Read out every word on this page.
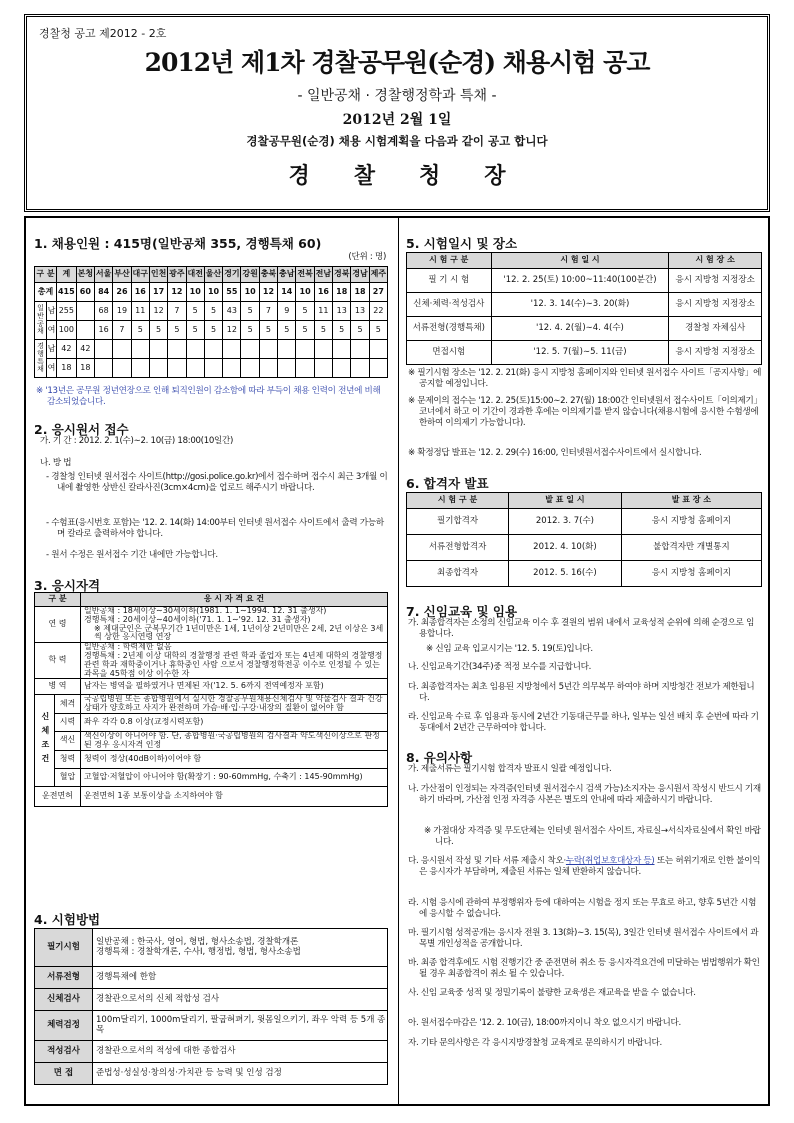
경찰청 공고 제2012 - 2호
2012년 제1차 경찰공무원(순경) 채용시험 공고
- 일반공채 · 경찰행정학과 특채 -
2012년 2월 1일
경찰공무원(순경) 채용 시험계획을 다음과 같이 공고 합니다
경찰청장
1. 채용인원 : 415명(일반공채 355, 경행특채 60)
(단위 : 명)
구 분		계	본청	서울	부산	대구	인천	광주	대전	울산	경기	강원	충북	충남	전북	전남	경북	경남	제주
총계		415	60	84	26	16	17	12	10	10	55	10	12	14	10	16	18	18	27
일반공채	남	255		68	19	11	12	7	5	5	43	5	7	9	5	11	13	13	22
	여	100		16	7	5	5	5	5	5	12	5	5	5	5	5	5	5	5
경행특채	남	42	42																
	여	18	18																
※ '13년은 공무원 정년연장으로 인해 퇴직인원이 감소함에 따라 부득이 채용 인력이 전년에 비해 감소되었습니다.
2. 응시원서 접수
가. 기 간 : 2012. 2. 1(수)∼2. 10(금) 18:00(10일간)
나. 방 법
- 경찰청 인터넷 원서접수 사이트(http://gosi.police.go.kr)에서 접수하며 접수시 최근 3개월 이내에 촬영한 상반신 칼라사진(3cm×4cm)을 업로드 해주시기 바랍니다.
- 수험표(응시번호 포함)는 '12. 2. 14(화) 14:00부터 인터넷 원서접수 사이트에서 출력 가능하며 칼라로 출력하셔야 합니다.
- 원서 수정은 원서접수 기간 내에만 가능합니다.
3. 응시자격
구 분		응 시 자 격 요 건
연 령		일반공채 : 18세이상∼30세이하(1981. 1. 1∼1994. 12. 31 출생자)
경행특채 : 20세이상∼40세이하('71. 1. 1∼'92. 12. 31 출생자)
※ 제대군인은 군복무기간 1년미만은 1세, 1년이상 2년미만은 2세, 2년 이상은 3세씩 상한 응시연령 연장

학 력		일반공채 : 학력제한 없음
경행특채 : 2년제 이상 대학의 경찰행정 관련 학과 졸업자 또는 4년제 대학의 경찰행정관련 학과 재학중이거나 휴학중인 사람 으로서 경찰행정학전공 이수로 인정될 수 있는 과목을 45학점 이상 이수한 자

병 역		남자는 병역을 필하였거나 면제된 자('12. 5. 6까지 전역예정자 포함)
신체조건	체격	국공립병원 또는 종합병원에서 실시한 경찰공무원채용신체검사 및 약물검사 결과 건강상태가 양호하고 사지가 완전하며 가슴·배·입·구강·내장의 질환이 없어야 함
	시력	좌우 각각 0.8 이상(교정시력포함)
	색신	색신이상이 아니어야 함. 단, 종합병원·국공립병원의 검사결과 약도색신이상으로 판정된 경우 응시자격 인정
	청력	청력이 정상(40dB이하)이어야 함
	혈압	고혈압·저혈압이 아니어야 함(확장기 : 90-60mmHg, 수축기 : 145-90mmHg)
운전면허		운전면허 1종 보통이상을 소지하여야 함
4. 시험방법
필기시험	일반공채 : 한국사, 영어, 형법, 형사소송법, 경찰학개론
경행특채 : 경찰학개론, 수사Ⅰ, 행정법, 형법, 형사소송법

서류전형	경행특채에 한함

신체검사	경찰관으로서의 신체 적합성 검사

체력검정	100m달리기, 1000m달리기, 팔굽혀펴기, 윗몸일으키기, 좌우 악력 등 5개 종목

적성검사	경찰관으로서의 적성에 대한 종합검사

면 접	준법성·성실성·창의성·가치관 등 능력 및 인성 검정
5. 시험일시 및 장소
시 험 구 분	시 험 일 시	시 험 장 소
필 기 시 험	'12. 2. 25(토) 10:00~11:40(100분간)	응시 지방청 지정장소
신체·체력·적성검사	'12. 3. 14(수)∼3. 20(화)	응시 지방청 지정장소
서류전형(경행특채)	'12. 4. 2(월)∼4. 4(수)	경찰청 자체심사
면접시험	'12. 5. 7(월)∼5. 11(금)	응시 지방청 지정장소
※ 필기시험 장소는 '12. 2. 21(화) 응시 지방청 홈페이지와 인터넷 원서접수 사이트「공지사항」에 공지할 예정입니다.
※ 문제이의 접수는 '12. 2. 25(토)15:00∼2. 27(월) 18:00간 인터넷원서 접수사이트「이의제기」코너에서 하고 이 기간이 경과한 후에는 이의제기를 받지 않습니다(채용시험에 응시한 수험생에 한하여 이의제기 가능합니다).
※ 확정정답 발표는 '12. 2. 29(수) 16:00, 인터넷원서접수사이트에서 실시합니다.
6. 합격자 발표
시 험 구 분	발 표 일 시	발 표 장 소
필기합격자	2012. 3. 7(수)	응시 지방청 홈페이지
서류전형합격자	2012. 4. 10(화)	불합격자만 개별통지
최종합격자	2012. 5. 16(수)	응시 지방청 홈페이지
7. 신임교육 및 임용
가. 최종합격자는 소정의 신임교육 이수 후 결원의 범위 내에서 교육성적 순위에 의해 순경으로 임용합니다.
※ 신임 교육 입교시기는 '12. 5. 19(토)입니다.
나. 신임교육기간(34주)중 적정 보수를 지급합니다.
다. 최종합격자는 최초 임용된 지방청에서 5년간 의무복무 하여야 하며 지방청간 전보가 제한됩니다.
라. 신임교육 수료 후 임용과 동시에 2년간 기동대근무를 하나, 일부는 일선 배치 후 순번에 따라 기동대에서 2년간 근무하여야 합니다.
8. 유의사항
가. 제출서류는 필기시험 합격자 발표시 일괄 예정입니다.
나. 가산점이 인정되는 자격증(인터넷 원서접수시 검색 가능)소지자는 응시원서 작성시 반드시 기재하기 바라며, 가산점 인정 자격증 사본은 별도의 안내에 따라 제출하시기 바랍니다.
※ 가점대상 자격증 및 무도단체는 인터넷 원서접수 사이트, 자료실→서식자료실에서 확인 바랍니다.
다. 응시원서 작성 및 기타 서류 제출시 착오·누락(취업보호대상자 등) 또는 허위기재로 인한 불이익은 응시자가 부담하며, 제출된 서류는 일체 반환하지 않습니다.
라. 시험 응시에 관하여 부정행위자 등에 대하여는 시험을 정지 또는 무효로 하고, 향후 5년간 시험에 응시할 수 없습니다.
마. 필기시험 성적공개는 응시자 전원 3. 13(화)∼3. 15(목), 3일간 인터넷 원서접수 사이트에서 과목별 개인성적을 공개합니다.
바. 최종 합격후에도 시험 진행기간 중 준전면허 취소 등 응시자격요건에 미달하는 범법행위가 확인 될 경우 최종합격이 취소 될 수 있습니다.
사. 신임 교육중 성적 및 정밀기록이 불량한 교육생은 재교육을 받을 수 없습니다.
아. 원서접수마감은 '12. 2. 10(금), 18:00까지이니 착오 없으시기 바랍니다.
자. 기타 문의사항은 각 응시지방경찰청 교육계로 문의하시기 바랍니다.
